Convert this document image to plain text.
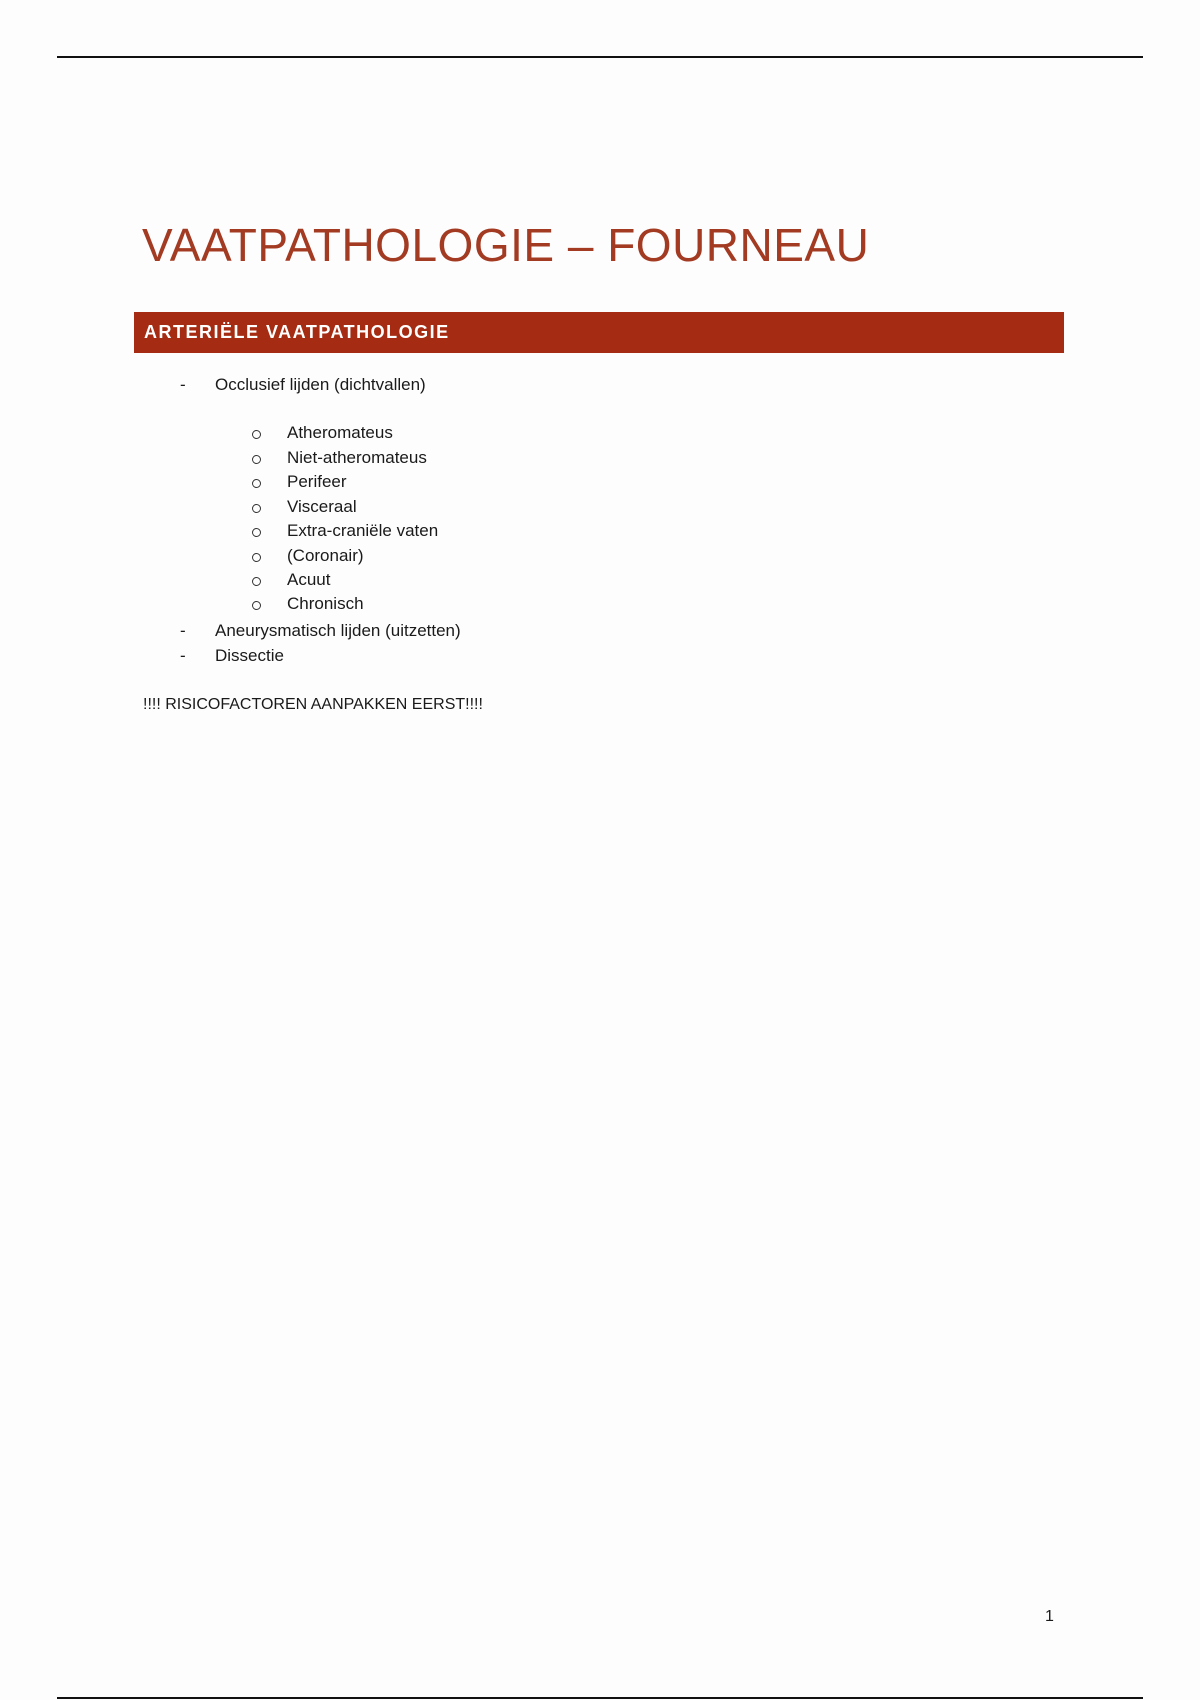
VAATPATHOLOGIE – FOURNEAU
ARTERIËLE VAATPATHOLOGIE
- Occlusief lijden (dichtvallen)
Atheromateus
Niet-atheromateus
Perifeer
Visceraal
Extra-craniële vaten
(Coronair)
Acuut
Chronisch
- Aneurysmatisch lijden (uitzetten)
- Dissectie

!!!! RISICOFACTOREN AANPAKKEN EERST!!!!

1
